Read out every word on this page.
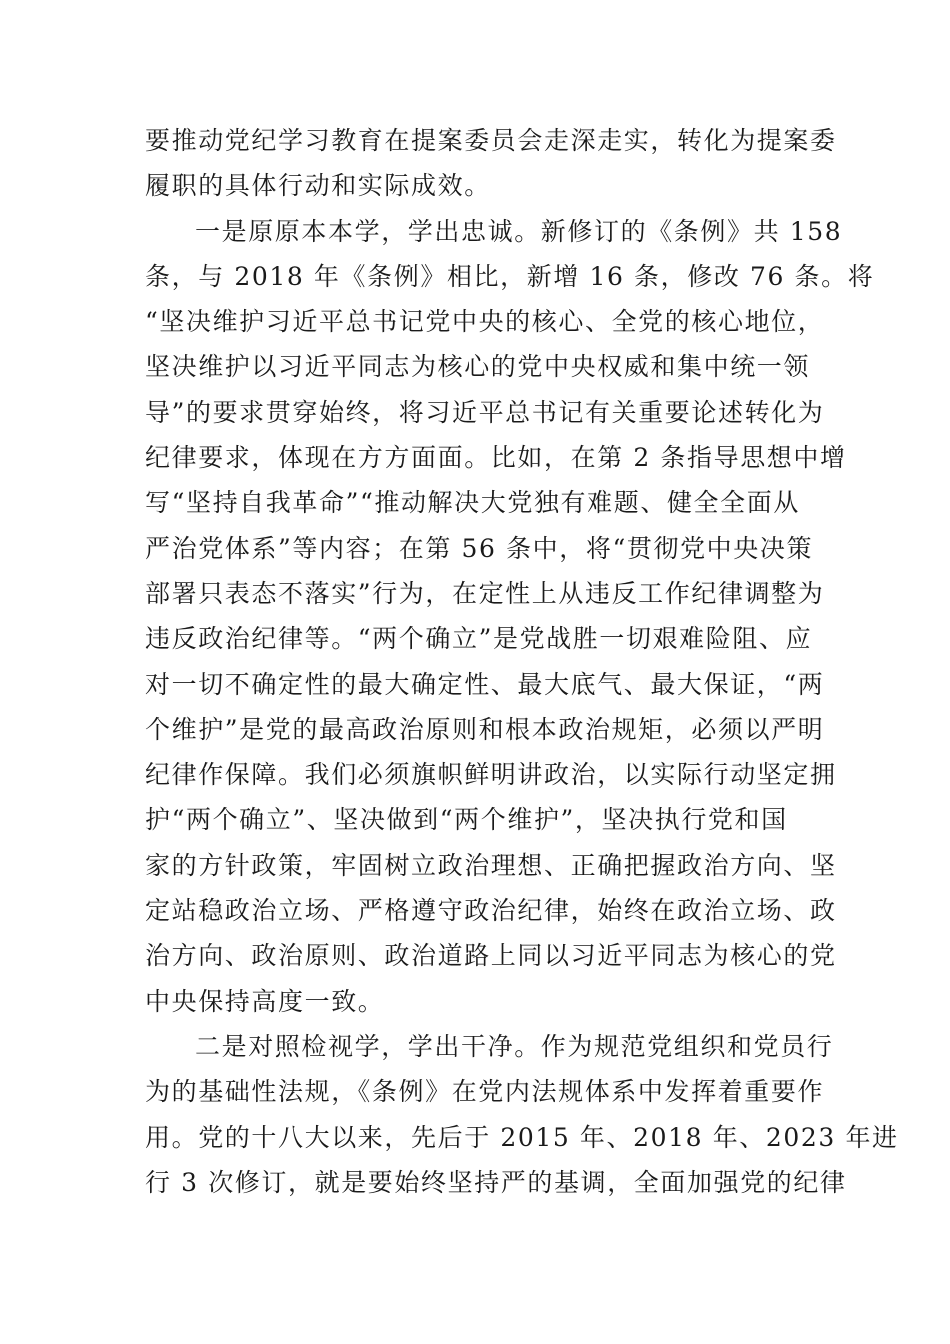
要推动党纪学习教育在提案委员会走深走实，转化为提案委
履职的具体行动和实际成效。
一是原原本本学，学出忠诚。新修订的《条例》共 158
条，与 2018 年《条例》相比，新增 16 条，修改 76 条。将
“坚决维护习近平总书记党中央的核心、全党的核心地位，
坚决维护以习近平同志为核心的党中央权威和集中统一领
导”的要求贯穿始终，将习近平总书记有关重要论述转化为
纪律要求，体现在方方面面。比如，在第 2 条指导思想中增
写“坚持自我革命”“推动解决大党独有难题、健全全面从
严治党体系”等内容；在第 56 条中，将“贯彻党中央决策
部署只表态不落实”行为，在定性上从违反工作纪律调整为
违反政治纪律等。“两个确立”是党战胜一切艰难险阻、应
对一切不确定性的最大确定性、最大底气、最大保证，“两
个维护”是党的最高政治原则和根本政治规矩，必须以严明
纪律作保障。我们必须旗帜鲜明讲政治，以实际行动坚定拥
护“两个确立”、坚决做到“两个维护”，坚决执行党和国
家的方针政策，牢固树立政治理想、正确把握政治方向、坚
定站稳政治立场、严格遵守政治纪律，始终在政治立场、政
治方向、政治原则、政治道路上同以习近平同志为核心的党
中央保持高度一致。
二是对照检视学，学出干净。作为规范党组织和党员行
为的基础性法规，《条例》在党内法规体系中发挥着重要作
用。党的十八大以来，先后于 2015 年、2018 年、2023 年进
行 3 次修订，就是要始终坚持严的基调，全面加强党的纪律
